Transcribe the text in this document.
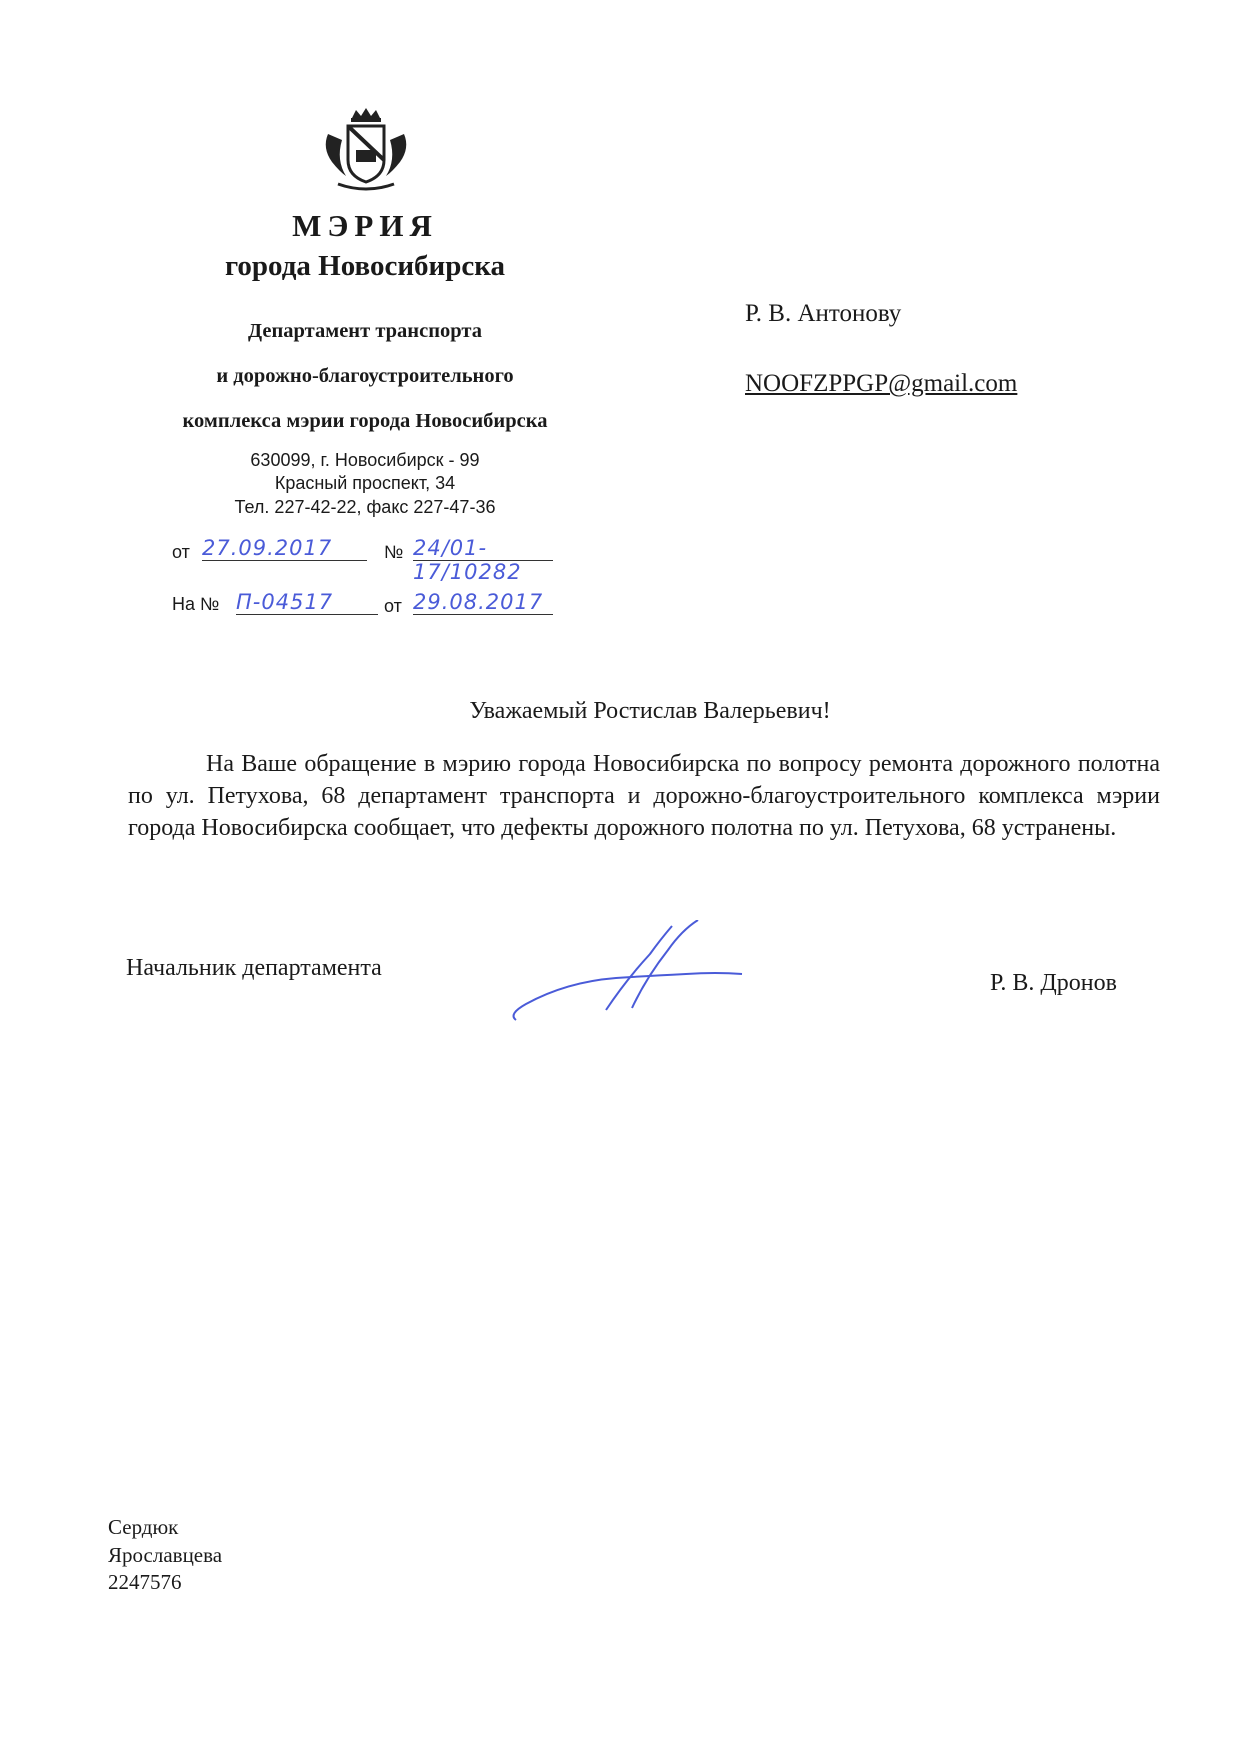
МЭРИЯ
города Новосибирска
Департамент транспорта
и дорожно-благоустроительного
комплекса мэрии города Новосибирска
630099, г. Новосибирск - 99
Красный проспект, 34
Тел. 227-42-22, факс 227-47-36
от 27.09.2017	№ 24/01-17/10282
На № П-04517	от 29.08.2017
Р. В. Антонову
NOOFZPPGP@gmail.com
Уважаемый Ростислав Валерьевич!
На Ваше обращение в мэрию города Новосибирска по вопросу ремонта дорожного полотна по ул. Петухова, 68 департамент транспорта и дорожно-благоустроительного комплекса мэрии города Новосибирска сообщает, что дефекты дорожного полотна по ул. Петухова, 68 устранены.
Начальник департамента
Р. В. Дронов
Сердюк
Ярославцева
2247576
